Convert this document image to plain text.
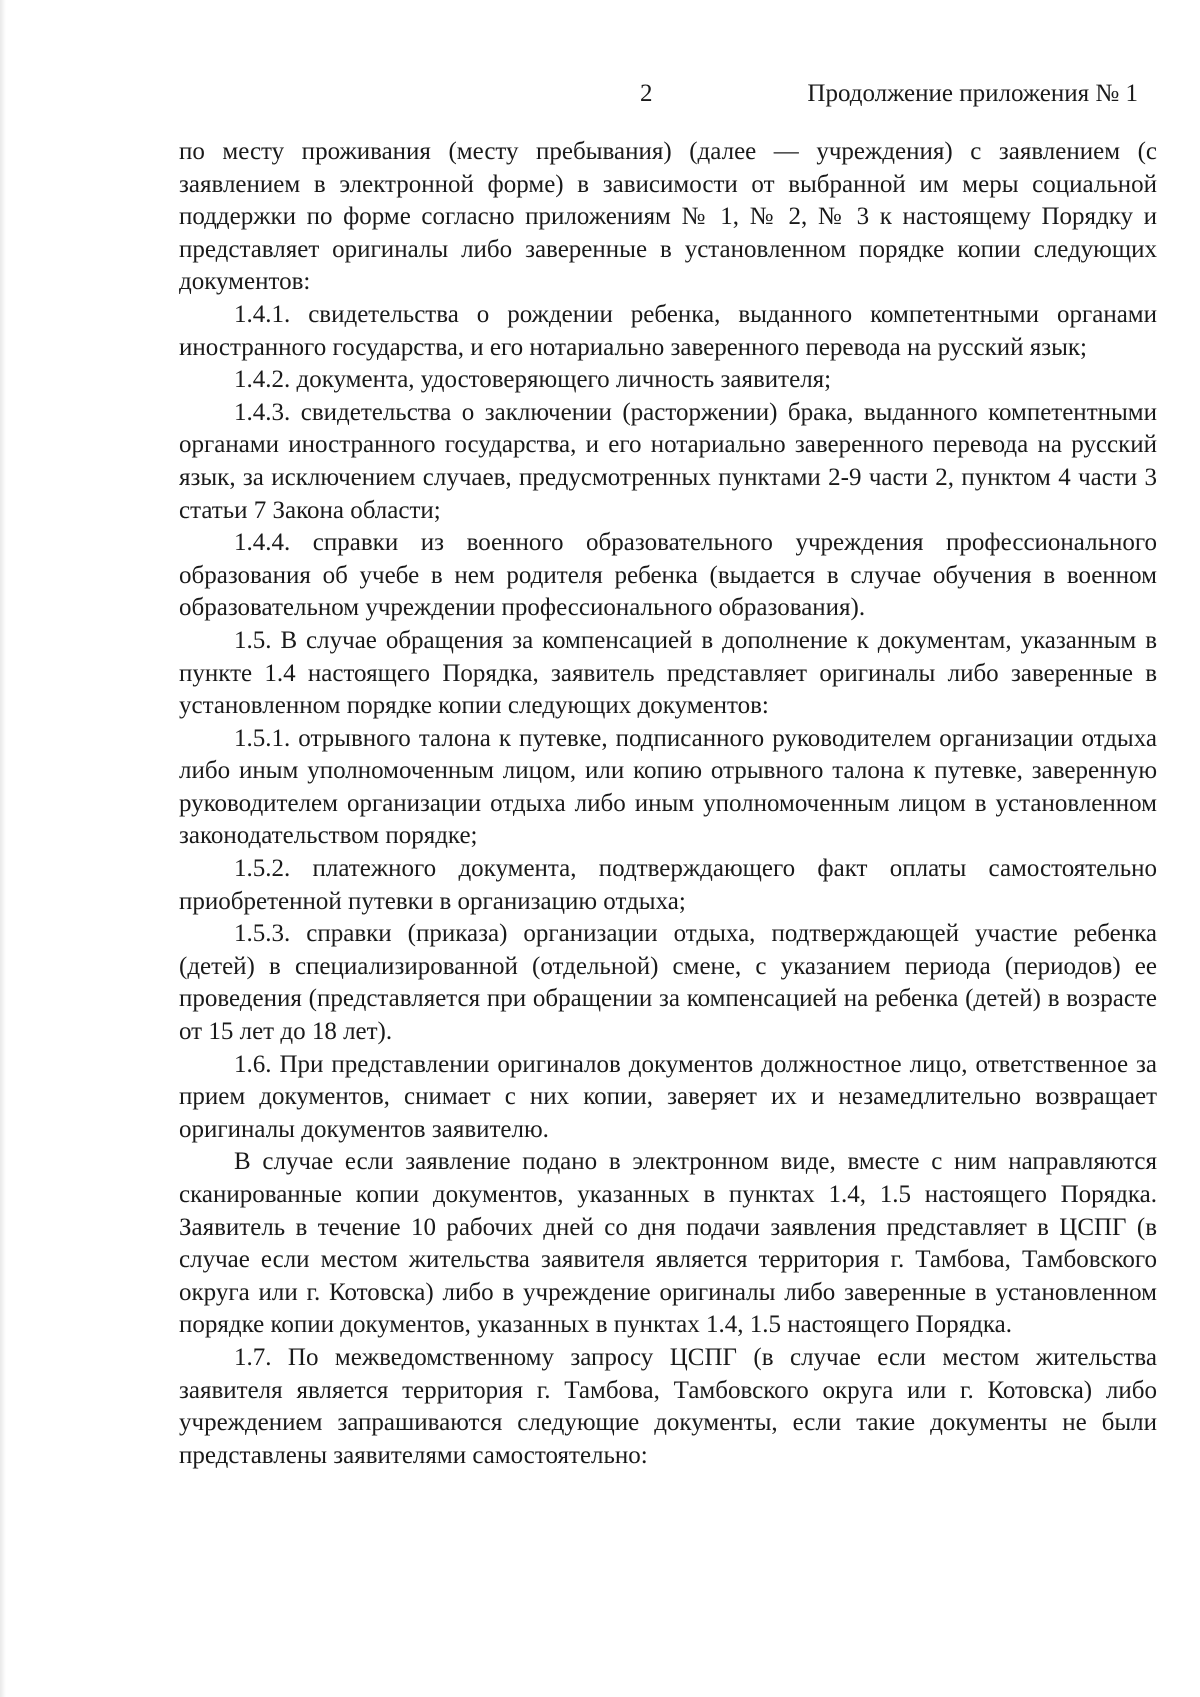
2	Продолжение приложения № 1

по месту проживания (месту пребывания) (далее — учреждения) с заявлением (с заявлением в электронной форме) в зависимости от выбранной им меры социальной поддержки по форме согласно приложениям № 1, № 2, № 3 к настоящему Порядку и представляет оригиналы либо заверенные в установленном порядке копии следующих документов:

1.4.1. свидетельства о рождении ребенка, выданного компетентными органами иностранного государства, и его нотариально заверенного перевода на русский язык;

1.4.2. документа, удостоверяющего личность заявителя;

1.4.3. свидетельства о заключении (расторжении) брака, выданного компетентными органами иностранного государства, и его нотариально заверенного перевода на русский язык, за исключением случаев, предусмотренных пунктами 2-9 части 2, пунктом 4 части 3 статьи 7 Закона области;

1.4.4. справки из военного образовательного учреждения профессионального образования об учебе в нем родителя ребенка (выдается в случае обучения в военном образовательном учреждении профессионального образования).

1.5. В случае обращения за компенсацией в дополнение к документам, указанным в пункте 1.4 настоящего Порядка, заявитель представляет оригиналы либо заверенные в установленном порядке копии следующих документов:

1.5.1. отрывного талона к путевке, подписанного руководителем организации отдыха либо иным уполномоченным лицом, или копию отрывного талона к путевке, заверенную руководителем организации отдыха либо иным уполномоченным лицом в установленном законодательством порядке;

1.5.2. платежного документа, подтверждающего факт оплаты самостоятельно приобретенной путевки в организацию отдыха;

1.5.3. справки (приказа) организации отдыха, подтверждающей участие ребенка (детей) в специализированной (отдельной) смене, с указанием периода (периодов) ее проведения (представляется при обращении за компенсацией на ребенка (детей) в возрасте от 15 лет до 18 лет).

1.6. При представлении оригиналов документов должностное лицо, ответственное за прием документов, снимает с них копии, заверяет их и незамедлительно возвращает оригиналы документов заявителю.

В случае если заявление подано в электронном виде, вместе с ним направляются сканированные копии документов, указанных в пунктах 1.4, 1.5 настоящего Порядка. Заявитель в течение 10 рабочих дней со дня подачи заявления представляет в ЦСПГ (в случае если местом жительства заявителя является территория г. Тамбова, Тамбовского округа или г. Котовска) либо в учреждение оригиналы либо заверенные в установленном порядке копии документов, указанных в пунктах 1.4, 1.5 настоящего Порядка.

1.7. По межведомственному запросу ЦСПГ (в случае если местом жительства заявителя является территория г. Тамбова, Тамбовского округа или г. Котовска) либо учреждением запрашиваются следующие документы, если такие документы не были представлены заявителями самостоятельно:
